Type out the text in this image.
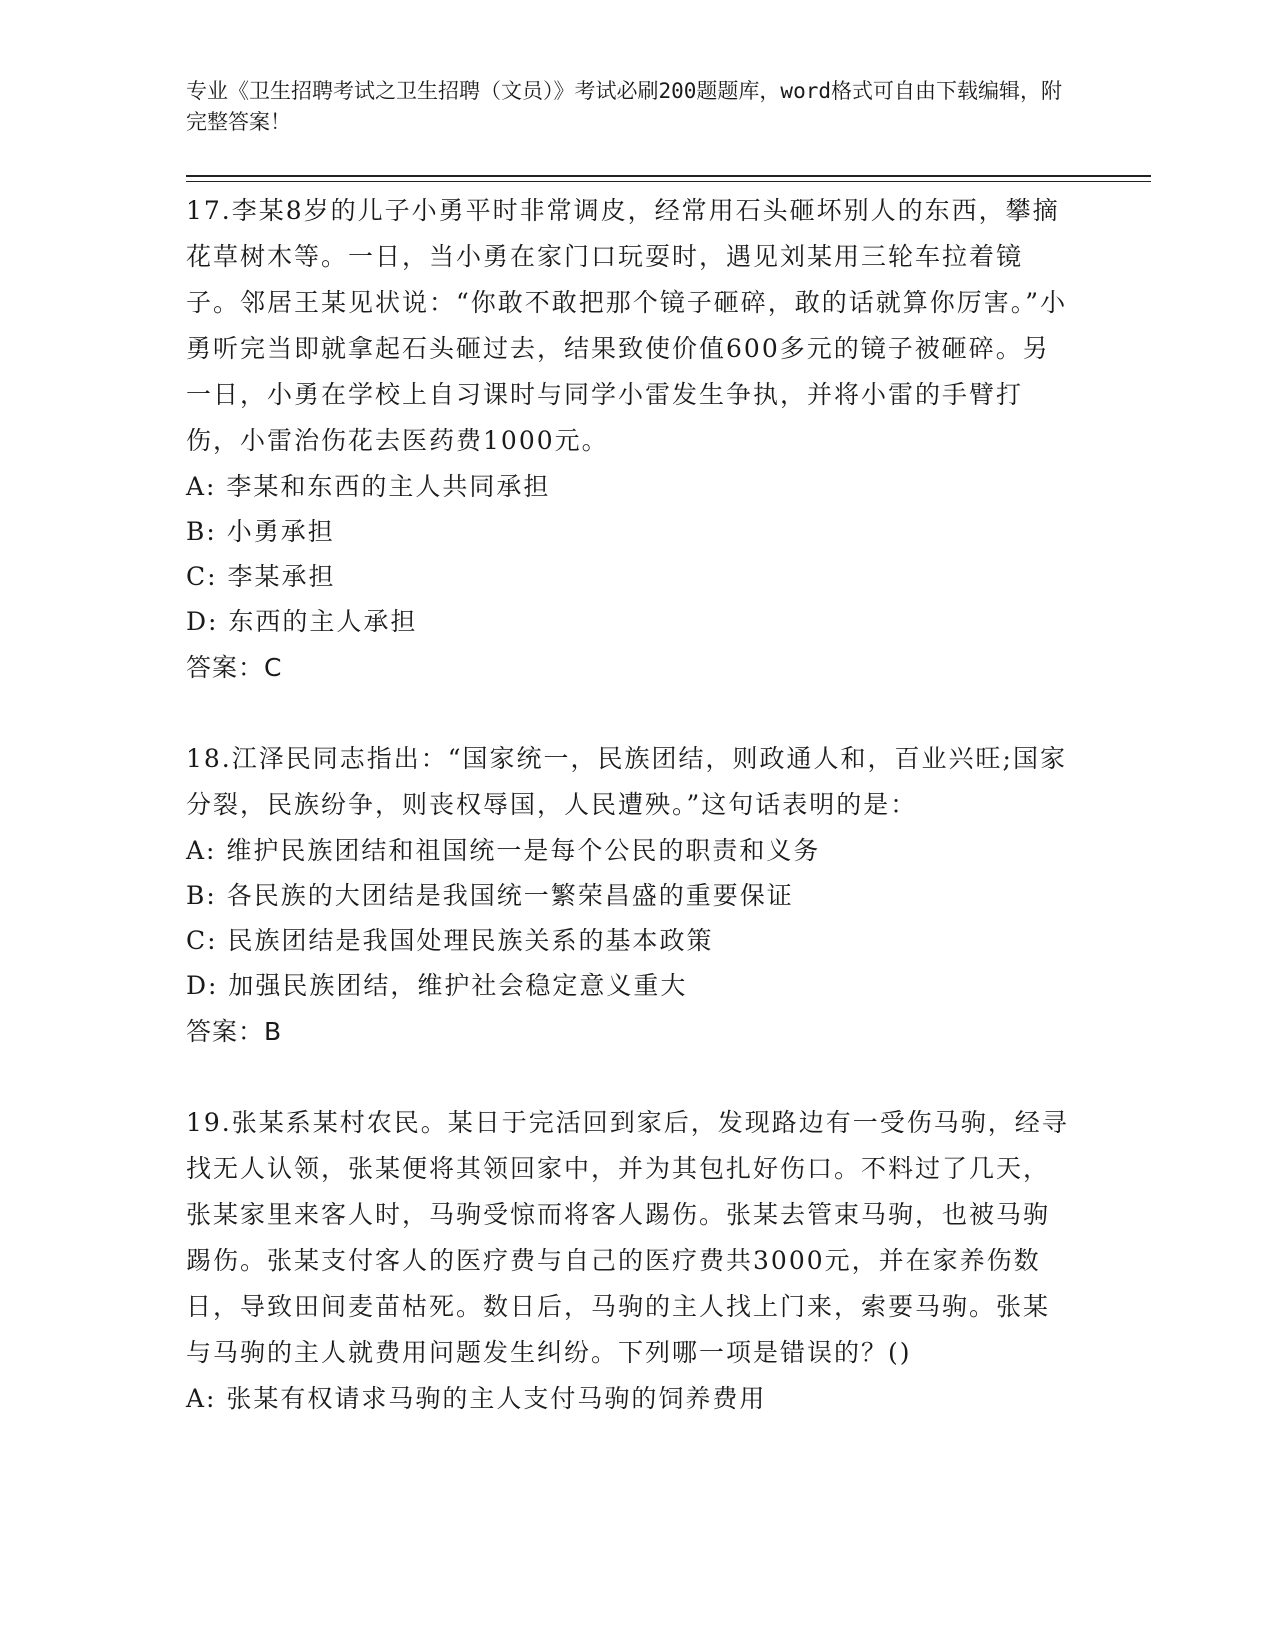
专业《卫生招聘考试之卫生招聘（文员）》考试必刷200题题库，word格式可自由下载编辑，附完整答案！

17.李某8岁的儿子小勇平时非常调皮，经常用石头砸坏别人的东西，攀摘花草树木等。一日，当小勇在家门口玩耍时，遇见刘某用三轮车拉着镜子。邻居王某见状说：“你敢不敢把那个镜子砸碎，敢的话就算你厉害。”小勇听完当即就拿起石头砸过去，结果致使价值600多元的镜子被砸碎。另一日，小勇在学校上自习课时与同学小雷发生争执，并将小雷的手臂打伤，小雷治伤花去医药费1000元。

A: 李某和东西的主人共同承担

B: 小勇承担

C: 李某承担

D: 东西的主人承担

答案：C

18.江泽民同志指出：“国家统一，民族团结，则政通人和，百业兴旺;国家分裂，民族纷争，则丧权辱国，人民遭殃。”这句话表明的是：

A: 维护民族团结和祖国统一是每个公民的职责和义务

B: 各民族的大团结是我国统一繁荣昌盛的重要保证

C: 民族团结是我国处理民族关系的基本政策

D: 加强民族团结，维护社会稳定意义重大

答案：B

19.张某系某村农民。某日于完活回到家后，发现路边有一受伤马驹，经寻找无人认领，张某便将其领回家中，并为其包扎好伤口。不料过了几天，张某家里来客人时，马驹受惊而将客人踢伤。张某去管束马驹，也被马驹踢伤。张某支付客人的医疗费与自己的医疗费共3000元，并在家养伤数日，导致田间麦苗枯死。数日后，马驹的主人找上门来，索要马驹。张某与马驹的主人就费用问题发生纠纷。下列哪一项是错误的？()

A: 张某有权请求马驹的主人支付马驹的饲养费用
